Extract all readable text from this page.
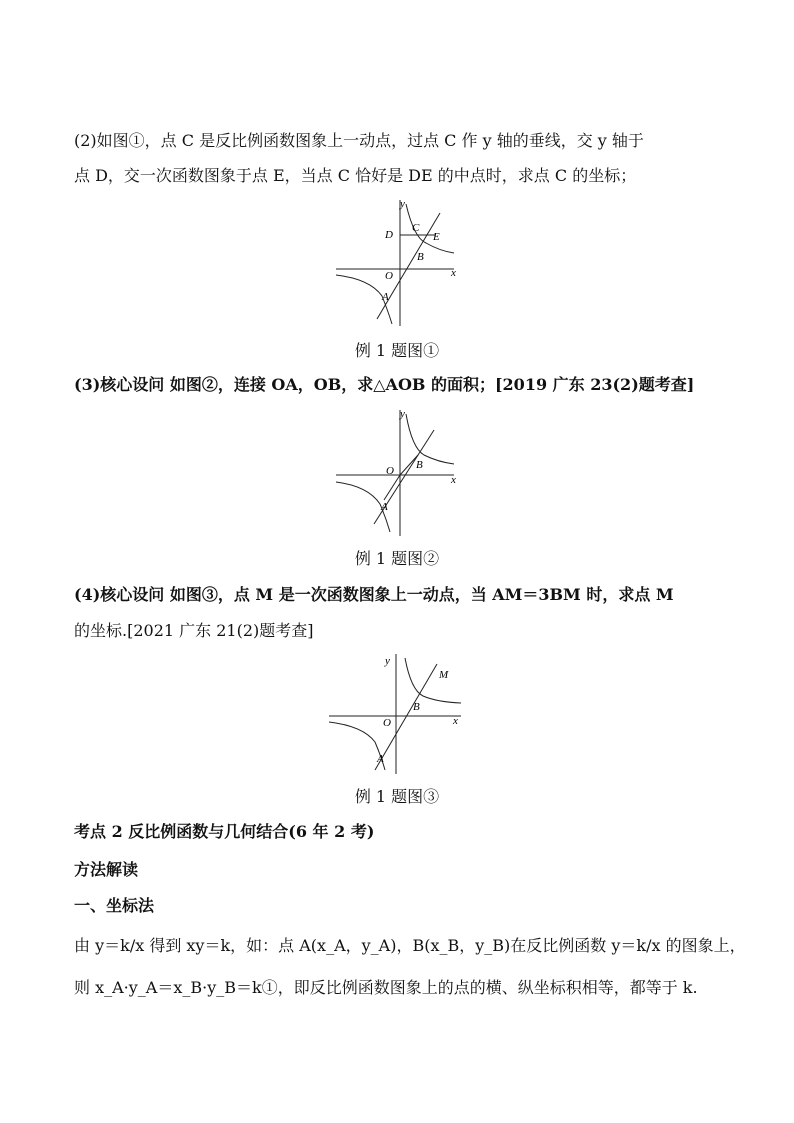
(2)如图①，点 C 是反比例函数图象上一动点，过点 C 作 y 轴的垂线，交 y 轴于
点 D，交一次函数图象于点 E，当点 C 恰好是 DE 的中点时，求点 C 的坐标；
y
x
O
D
C
E
B
A
例 1 题图①
(3)核心设问 如图②，连接 OA，OB，求△AOB 的面积；[2019 广东 23(2)题考查]
y
x
O B
A
例 1 题图②
(4)核心设问 如图③，点 M 是一次函数图象上一动点，当 AM＝3BM 时，求点 M
的坐标.[2021 广东 21(2)题考查]
y
x
O
M
B
A
例 1 题图③
考点 2 反比例函数与几何结合(6 年 2 考)
方法解读
一、坐标法
由 y＝k/x 得到 xy＝k，如：点 A(x_A，y_A)，B(x_B，y_B)在反比例函数 y＝k/x 的图象上，
则 x_A·y_A＝x_B·y_B＝k①，即反比例函数图象上的点的横、纵坐标积相等，都等于 k.
